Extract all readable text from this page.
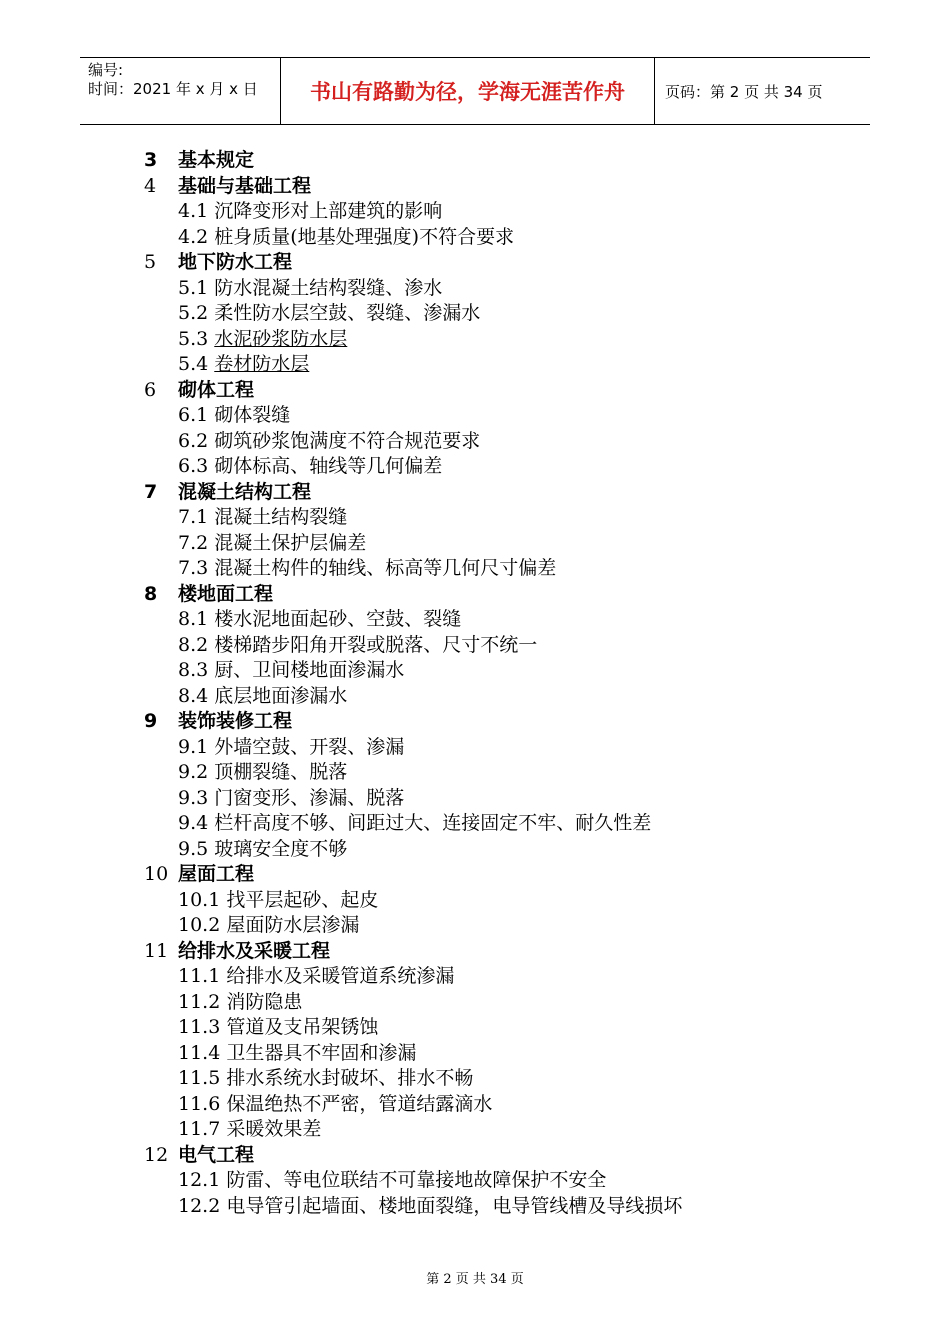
编号:
时间：2021 年 x 月 x 日	书山有路勤为径，学海无涯苦作舟	页码：第 2 页 共 34 页
3 基本规定
4 基础与基础工程
4.1 沉降变形对上部建筑的影响
4.2 桩身质量(地基处理强度)不符合要求
5 地下防水工程
5.1 防水混凝土结构裂缝、渗水
5.2 柔性防水层空鼓、裂缝、渗漏水
5.3 水泥砂浆防水层
5.4 卷材防水层
6 砌体工程
6.1 砌体裂缝
6.2 砌筑砂浆饱满度不符合规范要求
6.3 砌体标高、轴线等几何偏差
7 混凝土结构工程
7.1 混凝土结构裂缝
7.2 混凝土保护层偏差
7.3 混凝土构件的轴线、标高等几何尺寸偏差
8 楼地面工程
8.1 楼水泥地面起砂、空鼓、裂缝
8.2 楼梯踏步阳角开裂或脱落、尺寸不统一
8.3 厨、卫间楼地面渗漏水
8.4 底层地面渗漏水
9 装饰装修工程
9.1 外墙空鼓、开裂、渗漏
9.2 顶棚裂缝、脱落
9.3 门窗变形、渗漏、脱落
9.4 栏杆高度不够、间距过大、连接固定不牢、耐久性差
9.5 玻璃安全度不够
10 屋面工程
10.1 找平层起砂、起皮
10.2 屋面防水层渗漏
11 给排水及采暖工程
11.1 给排水及采暖管道系统渗漏
11.2 消防隐患
11.3 管道及支吊架锈蚀
11.4 卫生器具不牢固和渗漏
11.5 排水系统水封破坏、排水不畅
11.6 保温绝热不严密，管道结露滴水
11.7 采暖效果差
12 电气工程
12.1 防雷、等电位联结不可靠接地故障保护不安全
12.2 电导管引起墙面、楼地面裂缝，电导管线槽及导线损坏
第 2 页 共 34 页
